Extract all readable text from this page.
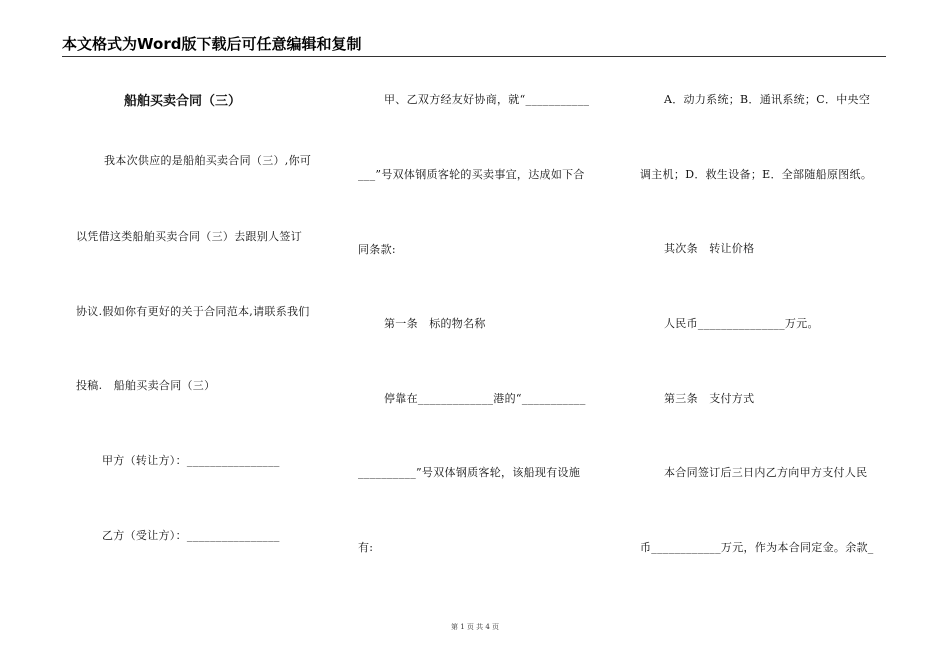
本文格式为Word版下载后可任意编辑和复制
船舶买卖合同（三）
我本次供应的是船舶买卖合同（三）,你可
以凭借这类船舶买卖合同（三）去跟别人签订
协议.假如你有更好的关于合同范本,请联系我们
投稿.　船舶买卖合同（三）
甲方（转让方）：________________
乙方（受让方）：________________
甲、乙双方经友好协商，就“___________
___”号双体钢质客轮的买卖事宜，达成如下合
同条款:
第一条　标的物名称
停靠在_____________港的“___________
__________”号双体钢质客轮，该船现有设施
有:
A．动力系统；B．通讯系统；C．中央空
调主机；D．救生设备；E．全部随船原图纸。
其次条　转让价格
人民币_______________万元。
第三条　支付方式
本合同签订后三日内乙方向甲方支付人民
币____________万元，作为本合同定金。余款_
第 1 页 共 4 页
